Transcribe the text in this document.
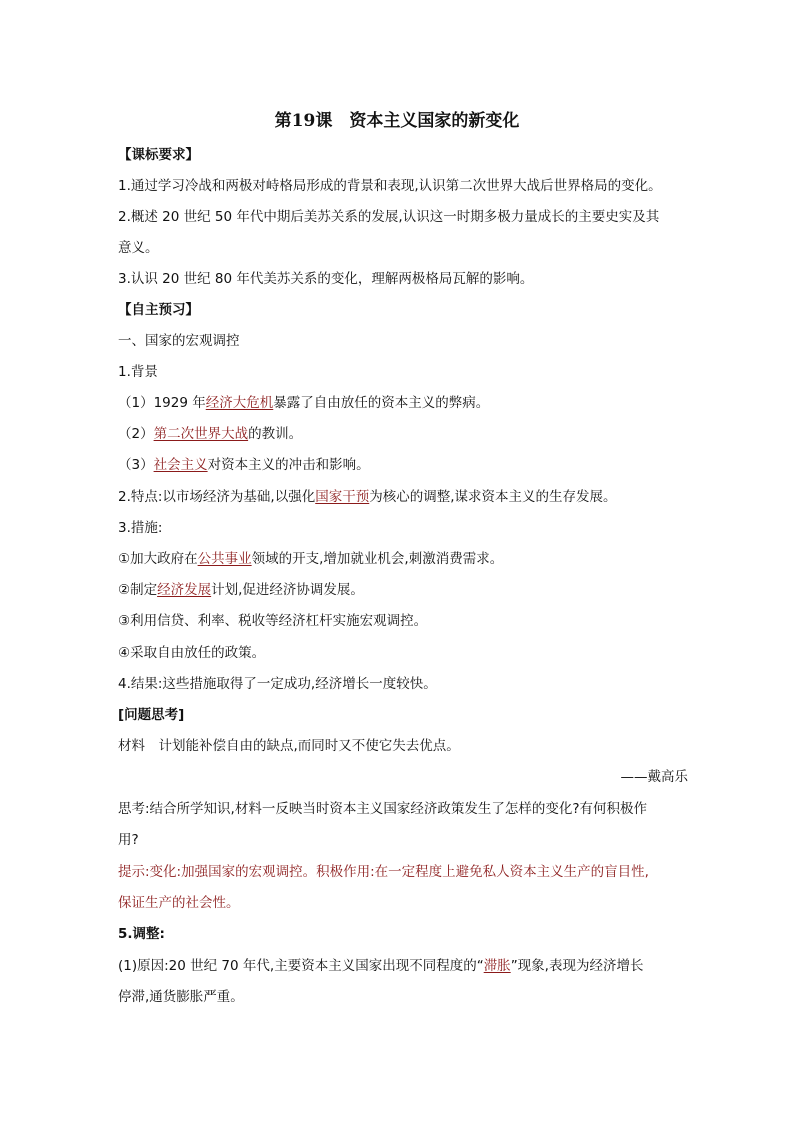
第19课　资本主义国家的新变化
【课标要求】
1.通过学习冷战和两极对峙格局形成的背景和表现,认识第二次世界大战后世界格局的变化。
2.概述 20 世纪 50 年代中期后美苏关系的发展,认识这一时期多极力量成长的主要史实及其
意义。
3.认识 20 世纪 80 年代美苏关系的变化，理解两极格局瓦解的影响。
【自主预习】
一、国家的宏观调控
1.背景
（1）1929 年经济大危机暴露了自由放任的资本主义的弊病。
（2）第二次世界大战的教训。
（3）社会主义对资本主义的冲击和影响。
2.特点:以市场经济为基础,以强化国家干预为核心的调整,谋求资本主义的生存发展。
3.措施:
①加大政府在公共事业领域的开支,增加就业机会,刺激消费需求。
②制定经济发展计划,促进经济协调发展。
③利用信贷、利率、税收等经济杠杆实施宏观调控。
④采取自由放任的政策。
4.结果:这些措施取得了一定成功,经济增长一度较快。
[问题思考]
材料　计划能补偿自由的缺点,而同时又不使它失去优点。
——戴高乐
思考:结合所学知识,材料一反映当时资本主义国家经济政策发生了怎样的变化?有何积极作
用?
提示:变化:加强国家的宏观调控。积极作用:在一定程度上避免私人资本主义生产的盲目性,
保证生产的社会性。
5.调整:
(1)原因:20 世纪 70 年代,主要资本主义国家出现不同程度的“滞胀”现象,表现为经济增长
停滞,通货膨胀严重。
